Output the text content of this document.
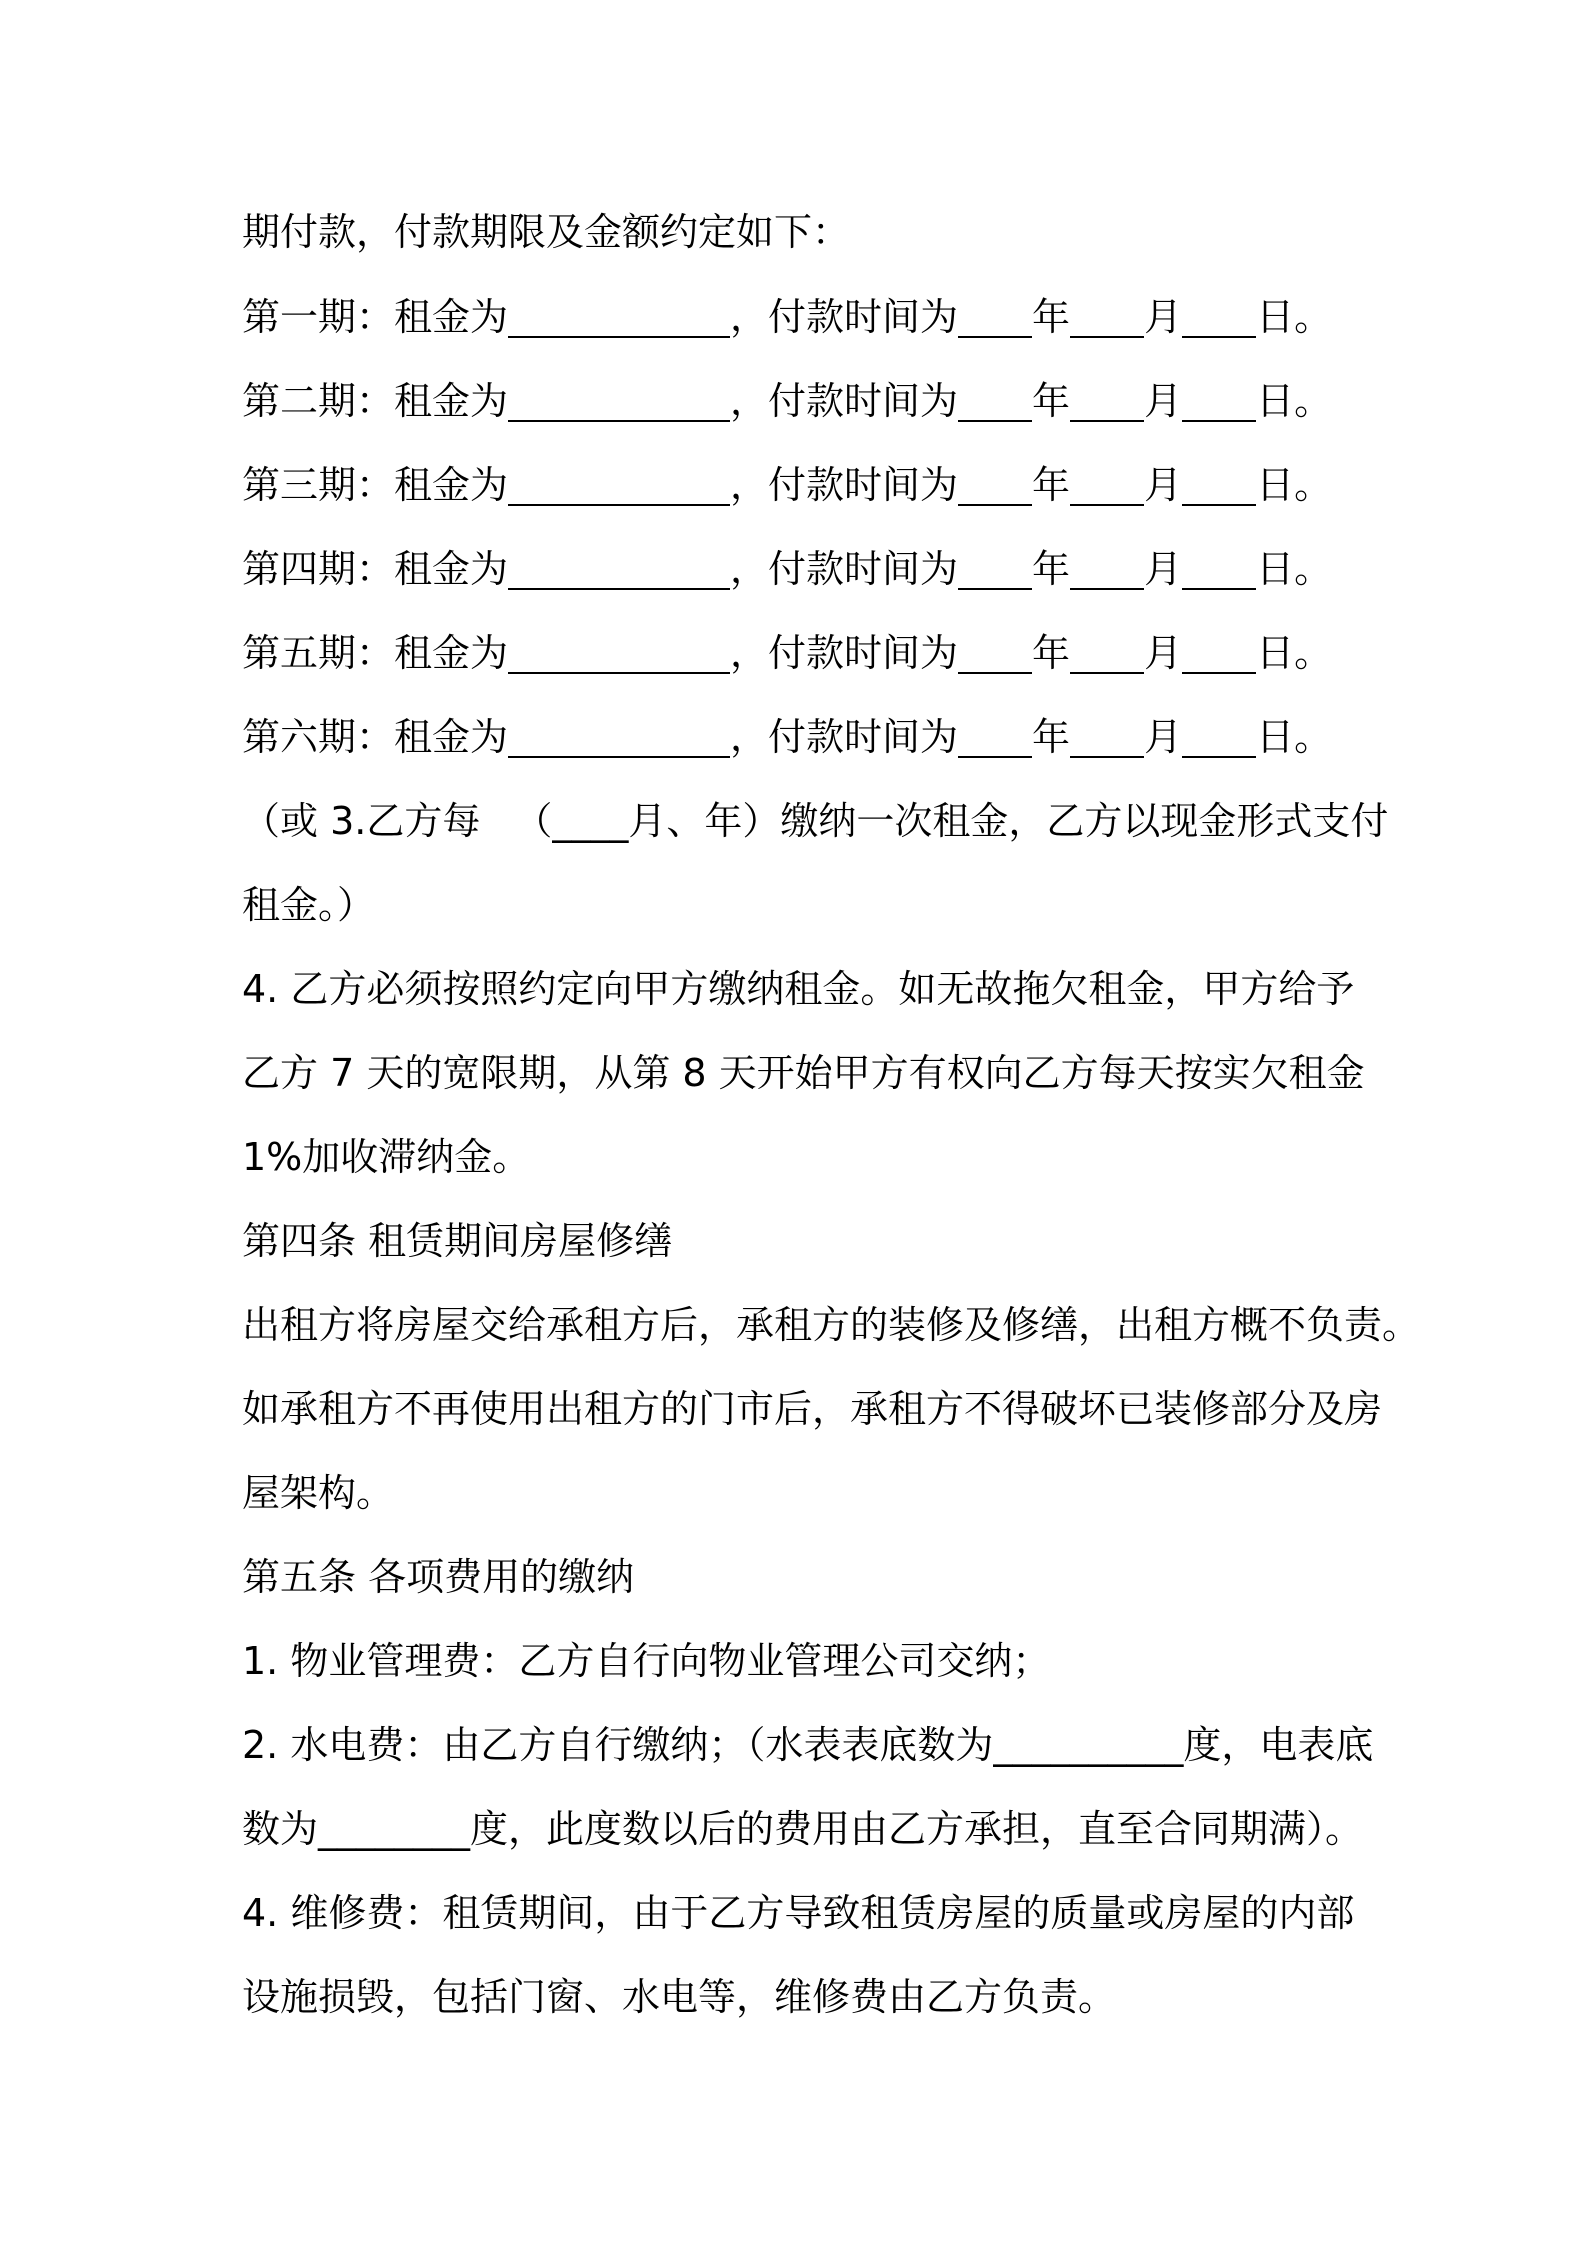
期付款，付款期限及金额约定如下：
第一期：租金为	，付款时间为 年 月 日。
第二期：租金为	，付款时间为 年 月 日。
第三期：租金为	，付款时间为 年 月 日。
第四期：租金为	，付款时间为 年 月 日。
第五期：租金为	，付款时间为 年 月 日。
第六期：租金为	，付款时间为 年 月 日。
（或 3.乙方每 （____月、年）缴纳一次租金，乙方以现金形式支付
租金。）
4. 乙方必须按照约定向甲方缴纳租金。如无故拖欠租金，甲方给予
乙方 7 天的宽限期，从第 8 天开始甲方有权向乙方每天按实欠租金
1%加收滞纳金。
第四条 租赁期间房屋修缮
出租方将房屋交给承租方后，承租方的装修及修缮，出租方概不负责。
如承租方不再使用出租方的门市后，承租方不得破坏已装修部分及房
屋架构。
第五条 各项费用的缴纳
1. 物业管理费：乙方自行向物业管理公司交纳；
2. 水电费：由乙方自行缴纳；（水表表底数为__________度，电表底
数为________度，此度数以后的费用由乙方承担，直至合同期满）。
4. 维修费：租赁期间，由于乙方导致租赁房屋的质量或房屋的内部
设施损毁，包括门窗、水电等，维修费由乙方负责。
